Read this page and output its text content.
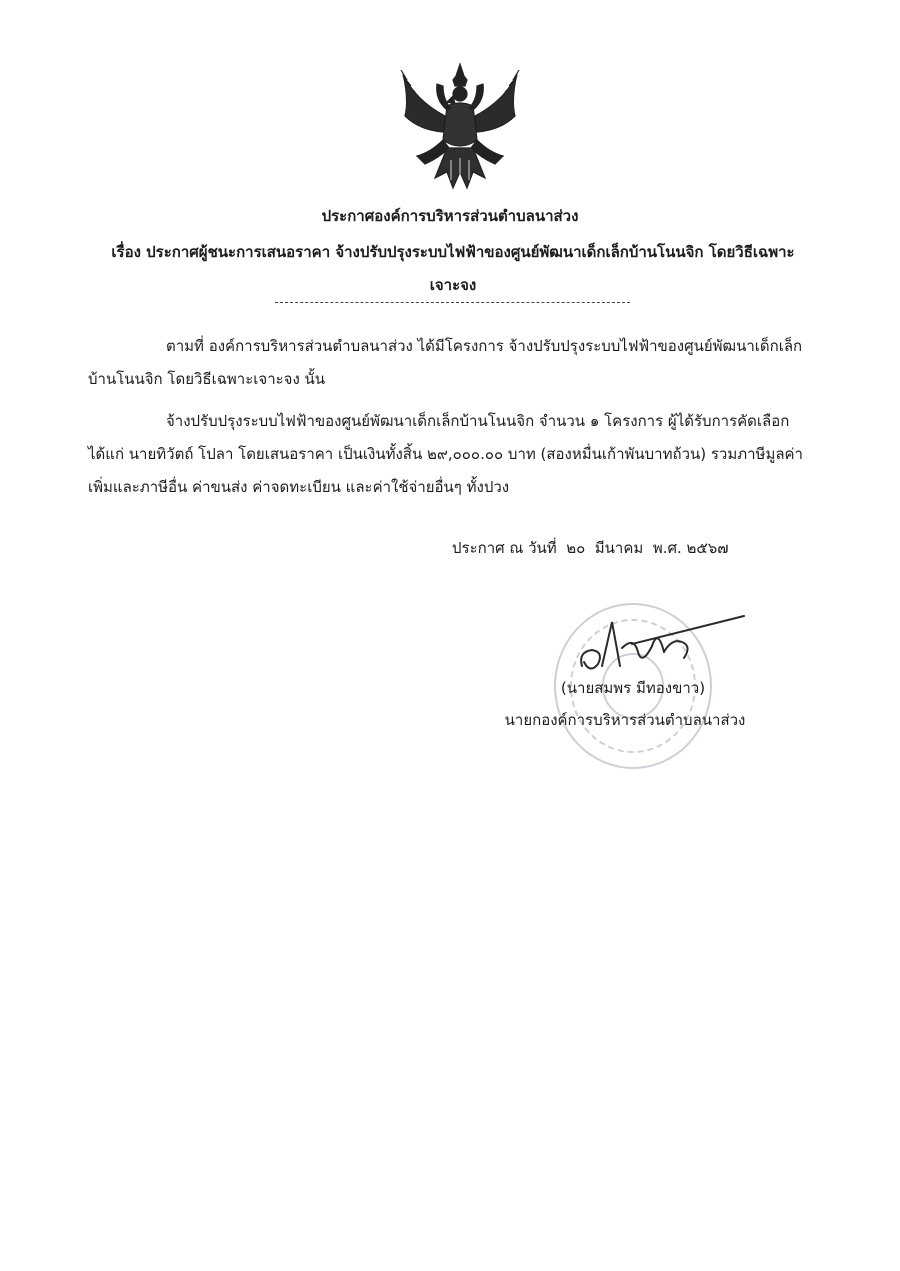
ประกาศองค์การบริหารส่วนตำบลนาส่วง
เรื่อง ประกาศผู้ชนะการเสนอราคา จ้างปรับปรุงระบบไฟฟ้าของศูนย์พัฒนาเด็กเล็กบ้านโนนจิก โดยวิธีเฉพาะ
เจาะจง
ตามที่ องค์การบริหารส่วนตำบลนาส่วง ได้มีโครงการ จ้างปรับปรุงระบบไฟฟ้าของศูนย์พัฒนาเด็กเล็กบ้านโนนจิก โดยวิธีเฉพาะเจาะจง นั้น
จ้างปรับปรุงระบบไฟฟ้าของศูนย์พัฒนาเด็กเล็กบ้านโนนจิก จำนวน ๑ โครงการ ผู้ได้รับการคัดเลือก ได้แก่ นายทิวัตถ์ โปลา โดยเสนอราคา เป็นเงินทั้งสิ้น ๒๙,๐๐๐.๐๐ บาท (สองหมื่นเก้าพันบาทถ้วน) รวมภาษีมูลค่าเพิ่มและภาษีอื่น ค่าขนส่ง ค่าจดทะเบียน และค่าใช้จ่ายอื่นๆ ทั้งปวง
ประกาศ ณ วันที่  ๒๐  มีนาคม  พ.ศ. ๒๕๖๗
(นายสมพร มีทองขาว)
นายกองค์การบริหารส่วนตำบลนาส่วง
